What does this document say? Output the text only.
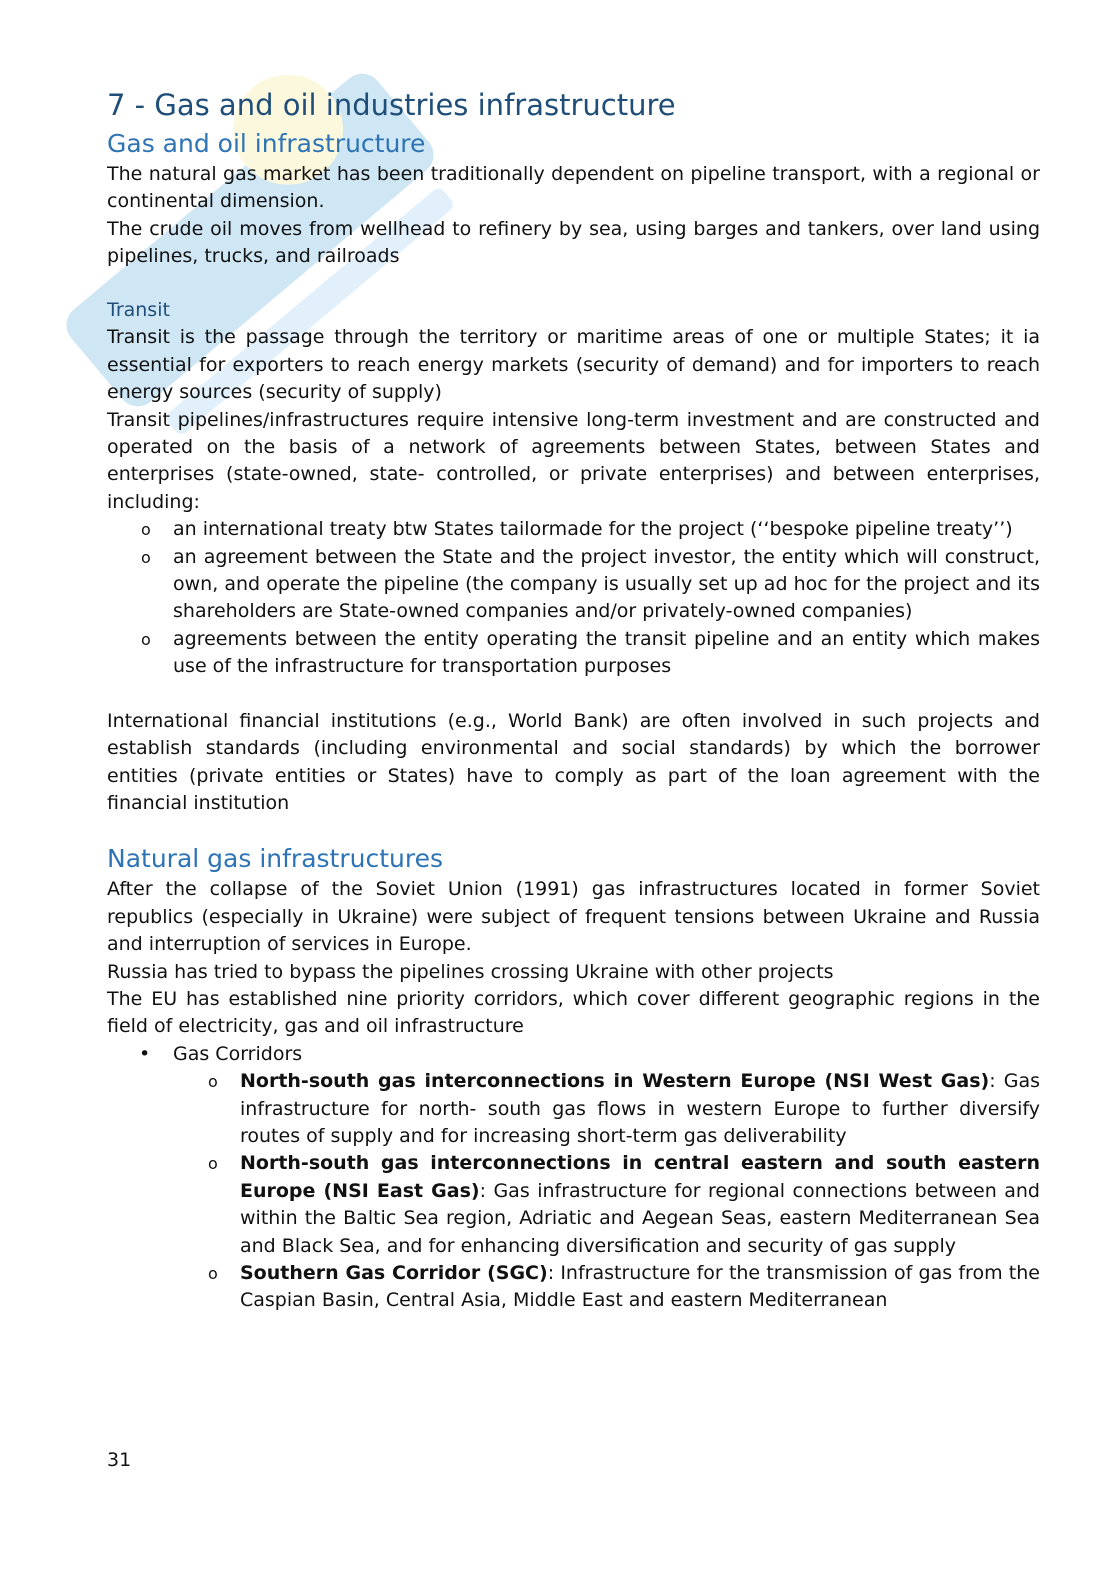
7 - Gas and oil industries infrastructure
Gas and oil infrastructure

The natural gas market has been traditionally dependent on pipeline transport, with a regional or continental dimension.

The crude oil moves from wellhead to refinery by sea, using barges and tankers, over land using pipelines, trucks, and railroads

Transit

Transit is the passage through the territory or maritime areas of one or multiple States; it ia essential for exporters to reach energy markets (security of demand) and for importers to reach energy sources (security of supply)

Transit pipelines/infrastructures require intensive long-term investment and are constructed and operated on the basis of a network of agreements between States, between States and enterprises (state-owned, state- controlled, or private enterprises) and between enterprises, including:

o an international treaty btw States tailormade for the project (‘‘bespoke pipeline treaty’’)
o an agreement between the State and the project investor, the entity which will construct, own, and operate the pipeline (the company is usually set up ad hoc for the project and its shareholders are State-owned companies and/or privately-owned companies)
o agreements between the entity operating the transit pipeline and an entity which makes use of the infrastructure for transportation purposes

International financial institutions (e.g., World Bank) are often involved in such projects and establish standards (including environmental and social standards) by which the borrower entities (private entities or States) have to comply as part of the loan agreement with the financial institution

Natural gas infrastructures

After the collapse of the Soviet Union (1991) gas infrastructures located in former Soviet republics (especially in Ukraine) were subject of frequent tensions between Ukraine and Russia and interruption of services in Europe.

Russia has tried to bypass the pipelines crossing Ukraine with other projects

The EU has established nine priority corridors, which cover different geographic regions in the field of electricity, gas and oil infrastructure

• Gas Corridors
o North-south gas interconnections in Western Europe (NSI West Gas): Gas infrastructure for north- south gas flows in western Europe to further diversify routes of supply and for increasing short-term gas deliverability
o North-south gas interconnections in central eastern and south eastern Europe (NSI East Gas): Gas infrastructure for regional connections between and within the Baltic Sea region, Adriatic and Aegean Seas, eastern Mediterranean Sea and Black Sea, and for enhancing diversification and security of gas supply
o Southern Gas Corridor (SGC): Infrastructure for the transmission of gas from the Caspian Basin, Central Asia, Middle East and eastern Mediterranean
31
